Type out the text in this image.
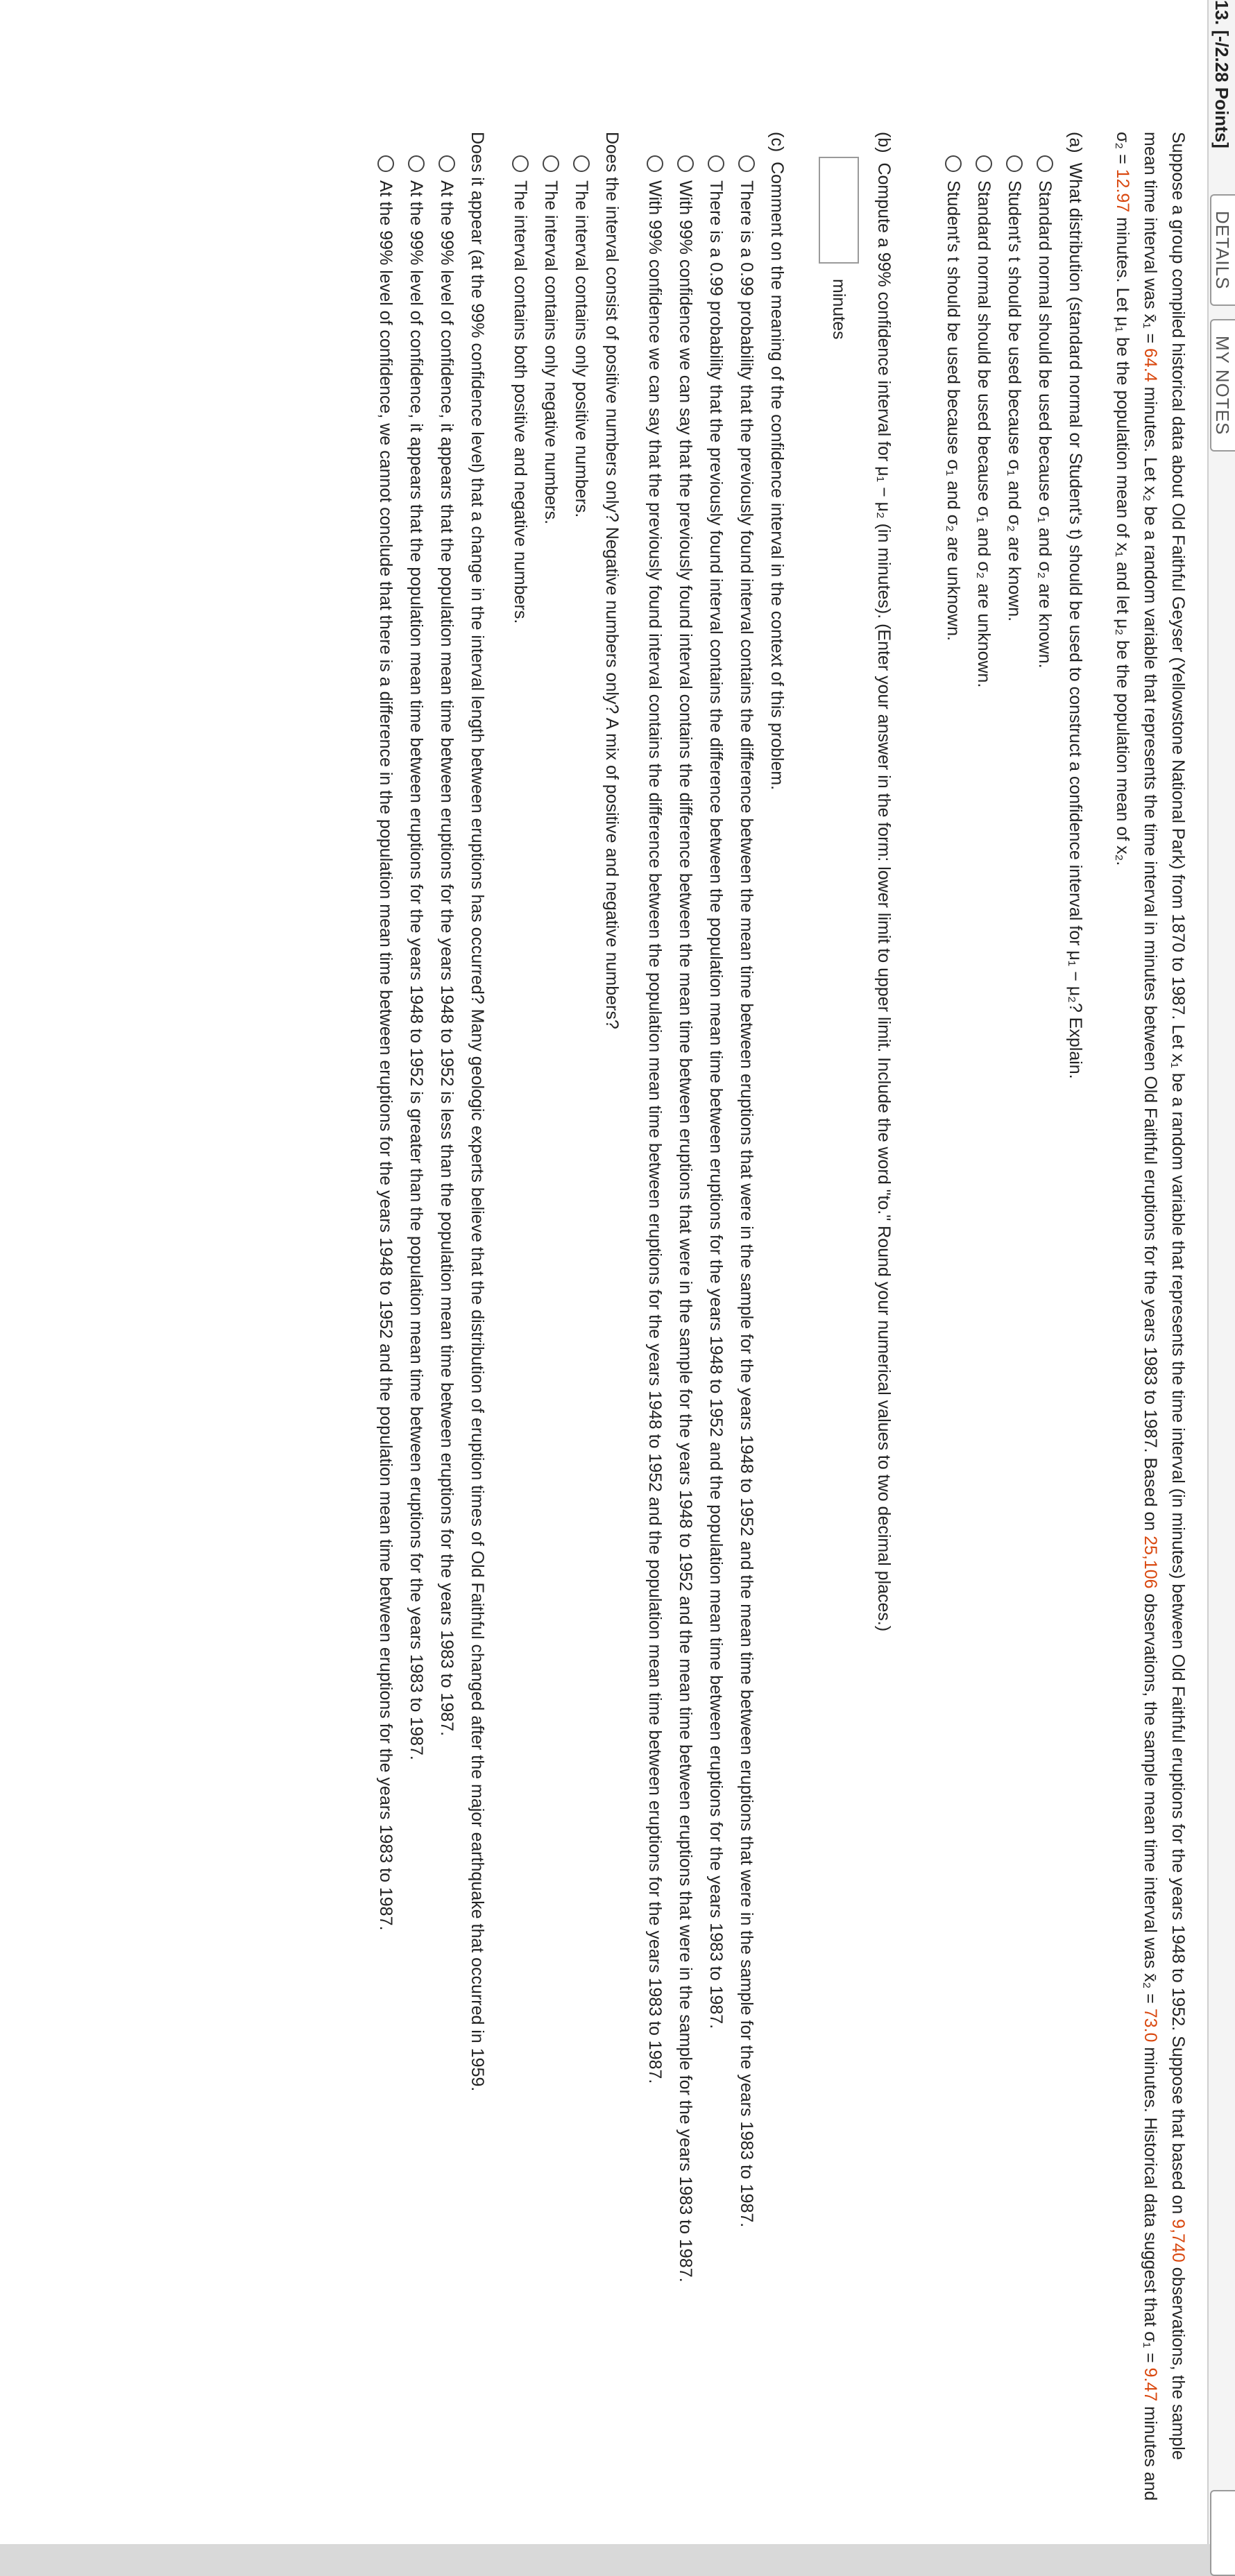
13. [-/2.28 Points]
DETAILS
MY NOTES

Suppose a group compiled historical data about Old Faithful Geyser (Yellowstone National Park) from 1870 to 1987. Let x₁ be a random variable that represents the time interval (in minutes) between Old Faithful eruptions for the years 1948 to 1952. Suppose that based on 9,740 observations, the sample mean time interval was x̄₁ = 64.4 minutes. Let x₂ be a random variable that represents the time interval in minutes between Old Faithful eruptions for the years 1983 to 1987. Based on 25,106 observations, the sample mean time interval was x̄₂ = 73.0 minutes. Historical data suggest that σ₁ = 9.47 minutes and σ₂ = 12.97 minutes. Let μ₁ be the population mean of x₁ and let μ₂ be the population mean of x₂.

(a)  What distribution (standard normal or Student's t) should be used to construct a confidence interval for μ₁ − μ₂? Explain.

Standard normal should be used because σ₁ and σ₂ are known.
Student's t should be used because σ₁ and σ₂ are known.
Standard normal should be used because σ₁ and σ₂ are unknown.
Student's t should be used because σ₁ and σ₂ are unknown.

(b)  Compute a 99% confidence interval for μ₁ − μ₂ (in minutes). (Enter your answer in the form: lower limit to upper limit. Include the word "to." Round your numerical values to two decimal places.)

minutes

(c)  Comment on the meaning of the confidence interval in the context of this problem.

There is a 0.99 probability that the previously found interval contains the difference between the mean time between eruptions that were in the sample for the years 1948 to 1952 and the mean time between eruptions that were in the sample for the years 1983 to 1987.
There is a 0.99 probability that the previously found interval contains the difference between the population mean time between eruptions for the years 1948 to 1952 and the population mean time between eruptions for the years 1983 to 1987.
With 99% confidence we can say that the previously found interval contains the difference between the mean time between eruptions that were in the sample for the years 1948 to 1952 and the mean time between eruptions that were in the sample for the years 1983 to 1987.
With 99% confidence we can say that the previously found interval contains the difference between the population mean time between eruptions for the years 1948 to 1952 and the population mean time between eruptions for the years 1983 to 1987.

Does the interval consist of positive numbers only? Negative numbers only? A mix of positive and negative numbers?

The interval contains only positive numbers.
The interval contains only negative numbers.
The interval contains both positive and negative numbers.

Does it appear (at the 99% confidence level) that a change in the interval length between eruptions has occurred? Many geologic experts believe that the distribution of eruption times of Old Faithful changed after the major earthquake that occurred in 1959.

At the 99% level of confidence, it appears that the population mean time between eruptions for the years 1948 to 1952 is less than the population mean time between eruptions for the years 1983 to 1987.
At the 99% level of confidence, it appears that the population mean time between eruptions for the years 1948 to 1952 is greater than the population mean time between eruptions for the years 1983 to 1987.
At the 99% level of confidence, we cannot conclude that there is a difference in the population mean time between eruptions for the years 1948 to 1952 and the population mean time between eruptions for the years 1983 to 1987.
